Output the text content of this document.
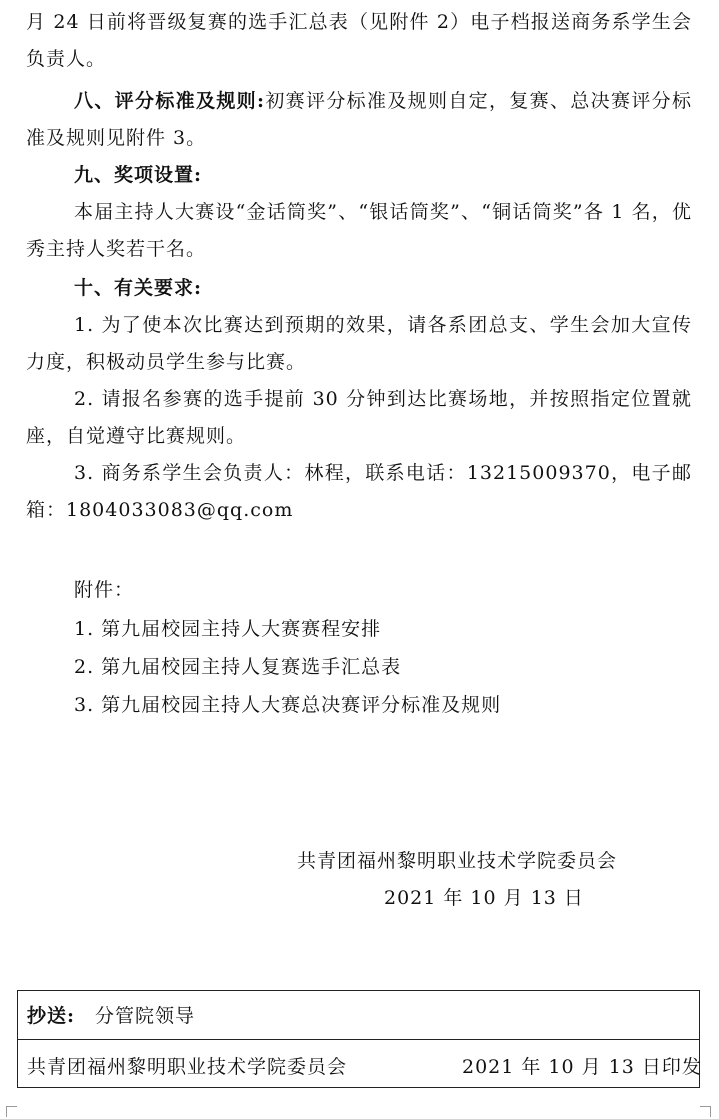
月 24 日前将晋级复赛的选手汇总表（见附件 2）电子档报送商务系学生会负责人。
八、评分标准及规则:初赛评分标准及规则自定，复赛、总决赛评分标准及规则见附件 3。
九、奖项设置:
本届主持人大赛设“金话筒奖”、“银话筒奖”、“铜话筒奖”各 1 名，优秀主持人奖若干名。
十、有关要求:
1. 为了使本次比赛达到预期的效果，请各系团总支、学生会加大宣传力度，积极动员学生参与比赛。
2. 请报名参赛的选手提前 30 分钟到达比赛场地，并按照指定位置就座，自觉遵守比赛规则。
3. 商务系学生会负责人：林程，联系电话：13215009370，电子邮箱：1804033083@qq.com
附件：
1. 第九届校园主持人大赛赛程安排
2. 第九届校园主持人复赛选手汇总表
3. 第九届校园主持人大赛总决赛评分标准及规则
共青团福州黎明职业技术学院委员会
2021 年 10 月 13 日
抄送: 分管院领导
共青团福州黎明职业技术学院委员会	2021 年 10 月 13 日印发
